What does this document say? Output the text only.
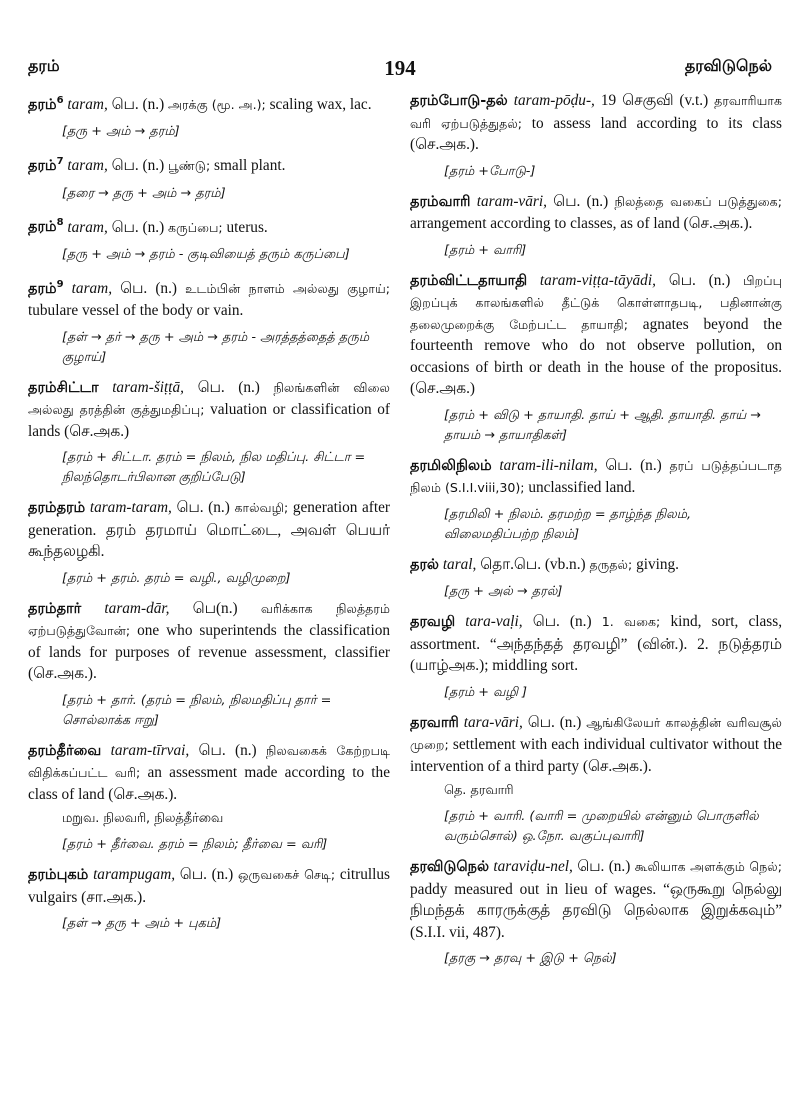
தரம்	194	தரவிடுநெல்
தரம்$^6$ taram, பெ. (n.) அரக்கு (மூ. அ.); scaling wax, lac.
[தரு + அம் → தரம்]
தரம்$^7$ taram, பெ. (n.) பூண்டு; small plant.
[தரை → தரு + அம் → தரம்]
தரம்$^8$ taram, பெ. (n.) கருப்பை; uterus.
[தரு + அம் → தரம் - குடிவியைத் தரும் கருப்பை]
தரம்$^9$ taram, பெ. (n.) உடம்பின் நாளம் அல்லது குழாய்; tubulare vessel of the body or vain.
[தள் → தர் → தரு + அம் → தரம் - அரத்தத்தைத் தரும் குழாய்]
தரம்சிட்டா taram-šiṭṭā, பெ. (n.) நிலங்களின் விலை அல்லது தரத்தின் குத்துமதிப்பு; valuation or classification of lands (செ.அக.)
[தரம் + சிட்டா. தரம் = நிலம், நில மதிப்பு. சிட்டா = நிலந்தொடர்பிலான குறிப்பேடு]
தரம்தரம் taram-taram, பெ. (n.) கால்வழி; generation after generation. தரம் தரமாய் மொட்டை, அவள் பெயர் கூந்தலழகி.
[தரம் + தரம். தரம் = வழி., வழிமுறை]
தரம்தார் taram-dār, பெ(n.) வரிக்காக நிலத்தரம் ஏற்படுத்துவோன்; one who superintends the classification of lands for purposes of revenue assessment, classifier (செ.அக.).
[தரம் + தார். (தரம் = நிலம், நிலமதிப்பு தார் = சொல்லாக்க ஈறு]
தரம்தீர்வை taram-tīrvai, பெ. (n.) நிலவகைக் கேற்றபடி விதிக்கப்பட்ட வரி; an assessment made according to the class of land (செ.அக.).
மறுவ. நிலவரி, நிலத்தீர்வை
[தரம் + தீர்வை. தரம் = நிலம்; தீர்வை = வரி]
தரம்புகம் tarampugam, பெ. (n.) ஒருவகைச் செடி; citrullus vulgairs (சா.அக.).
[தள் → தரு + அம் + புகம்]
தரம்போடு-தல் taram-pōḍu-, 19 செகுவி (v.t.) தரவாரியாக வரி ஏற்படுத்துதல்; to assess land according to its class (செ.அக.).
[தரம் +போடு-]
தரம்வாரி taram-vāri, பெ. (n.) நிலத்தை வகைப் படுத்துகை; arrangement according to classes, as of land (செ.அக.).
[தரம் + வாரி]
தரம்விட்டதாயாதி taram-viṭṭa-tāyādi, பெ. (n.) பிறப்பு இறப்புக் காலங்களில் தீட்டுக் கொள்ளாதபடி, பதினான்கு தலைமுறைக்கு மேற்பட்ட தாயாதி; agnates beyond the fourteenth remove who do not observe pollution, on occasions of birth or death in the house of the propositus. (செ.அக.)
[தரம் + விடு + தாயாதி. தாய் + ஆதி. தாயாதி. தாய் → தாயம் → தாயாதிகள்]
தரமிலிநிலம் taram-ili-nilam, பெ. (n.) தரப் படுத்தப்படாத நிலம் (S.I.I.viii,30); unclassified land.
[தரமிலி + நிலம். தரமற்ற = தாழ்ந்த நிலம், விலைமதிப்பற்ற நிலம்]
தரல் taral, தொ.பெ. (vb.n.) தருதல்; giving.
[தரு + அல் → தரல்]
தரவழி tara-vaḷi, பெ. (n.) 1. வகை; kind, sort, class, assortment. “அந்தந்தத் தரவழி” (வின்.). 2. நடுத்தரம் (யாழ்அக.); middling sort.
[தரம் + வழி ]
தரவாரி tara-vāri, பெ. (n.) ஆங்கிலேயர் காலத்தின் வரிவசூல் முறை; settlement with each individual cultivator without the intervention of a third party (செ.அக.).
தெ. தரவாரி
[தரம் + வாரி. (வாரி = முறையில் என்னும் பொருளில் வரும்சொல்) ஒ.நோ. வகுப்புவாரி]
தரவிடுநெல் taraviḍu-nel, பெ. (n.) கூலியாக அளக்கும் நெல்; paddy measured out in lieu of wages. “ஒருகூறு நெல்லு நிமந்தக் காரருக்குத் தரவிடு நெல்லாக இறுக்கவும்” (S.I.I. vii, 487).
[தரகு → தரவு + இடு + நெல்]
